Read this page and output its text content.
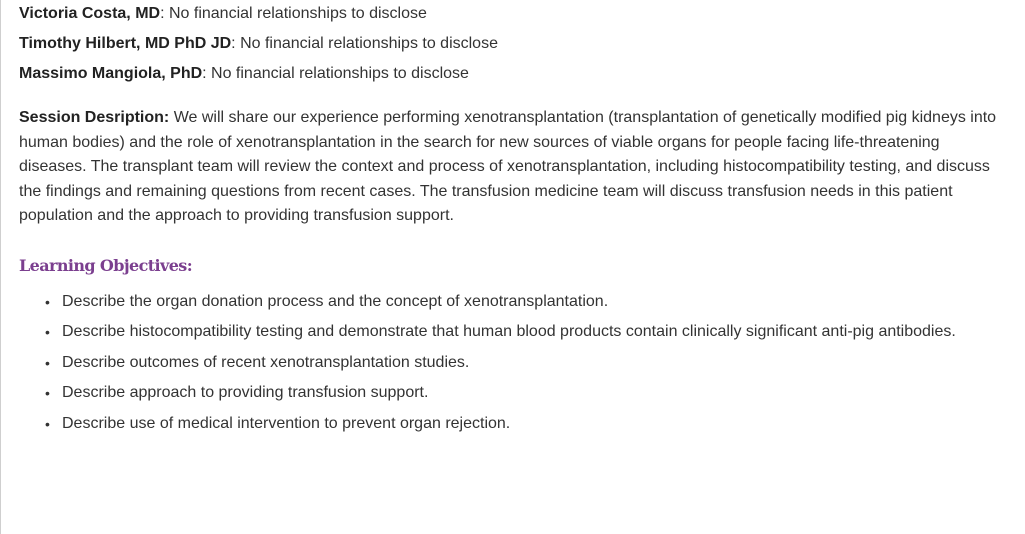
Victoria Costa, MD: No financial relationships to disclose
Timothy Hilbert, MD PhD JD: No financial relationships to disclose
Massimo Mangiola, PhD: No financial relationships to disclose

Session Desription: We will share our experience performing xenotransplantation (transplantation of genetically modified pig kidneys into human bodies) and the role of xenotransplantation in the search for new sources of viable organs for people facing life-threatening diseases. The transplant team will review the context and process of xenotransplantation, including histocompatibility testing, and discuss the findings and remaining questions from recent cases. The transfusion medicine team will discuss transfusion needs in this patient population and the approach to providing transfusion support.

Learning Objectives:
• Describe the organ donation process and the concept of xenotransplantation.
• Describe histocompatibility testing and demonstrate that human blood products contain clinically significant anti-pig antibodies.
• Describe outcomes of recent xenotransplantation studies.
• Describe approach to providing transfusion support.
• Describe use of medical intervention to prevent organ rejection.
